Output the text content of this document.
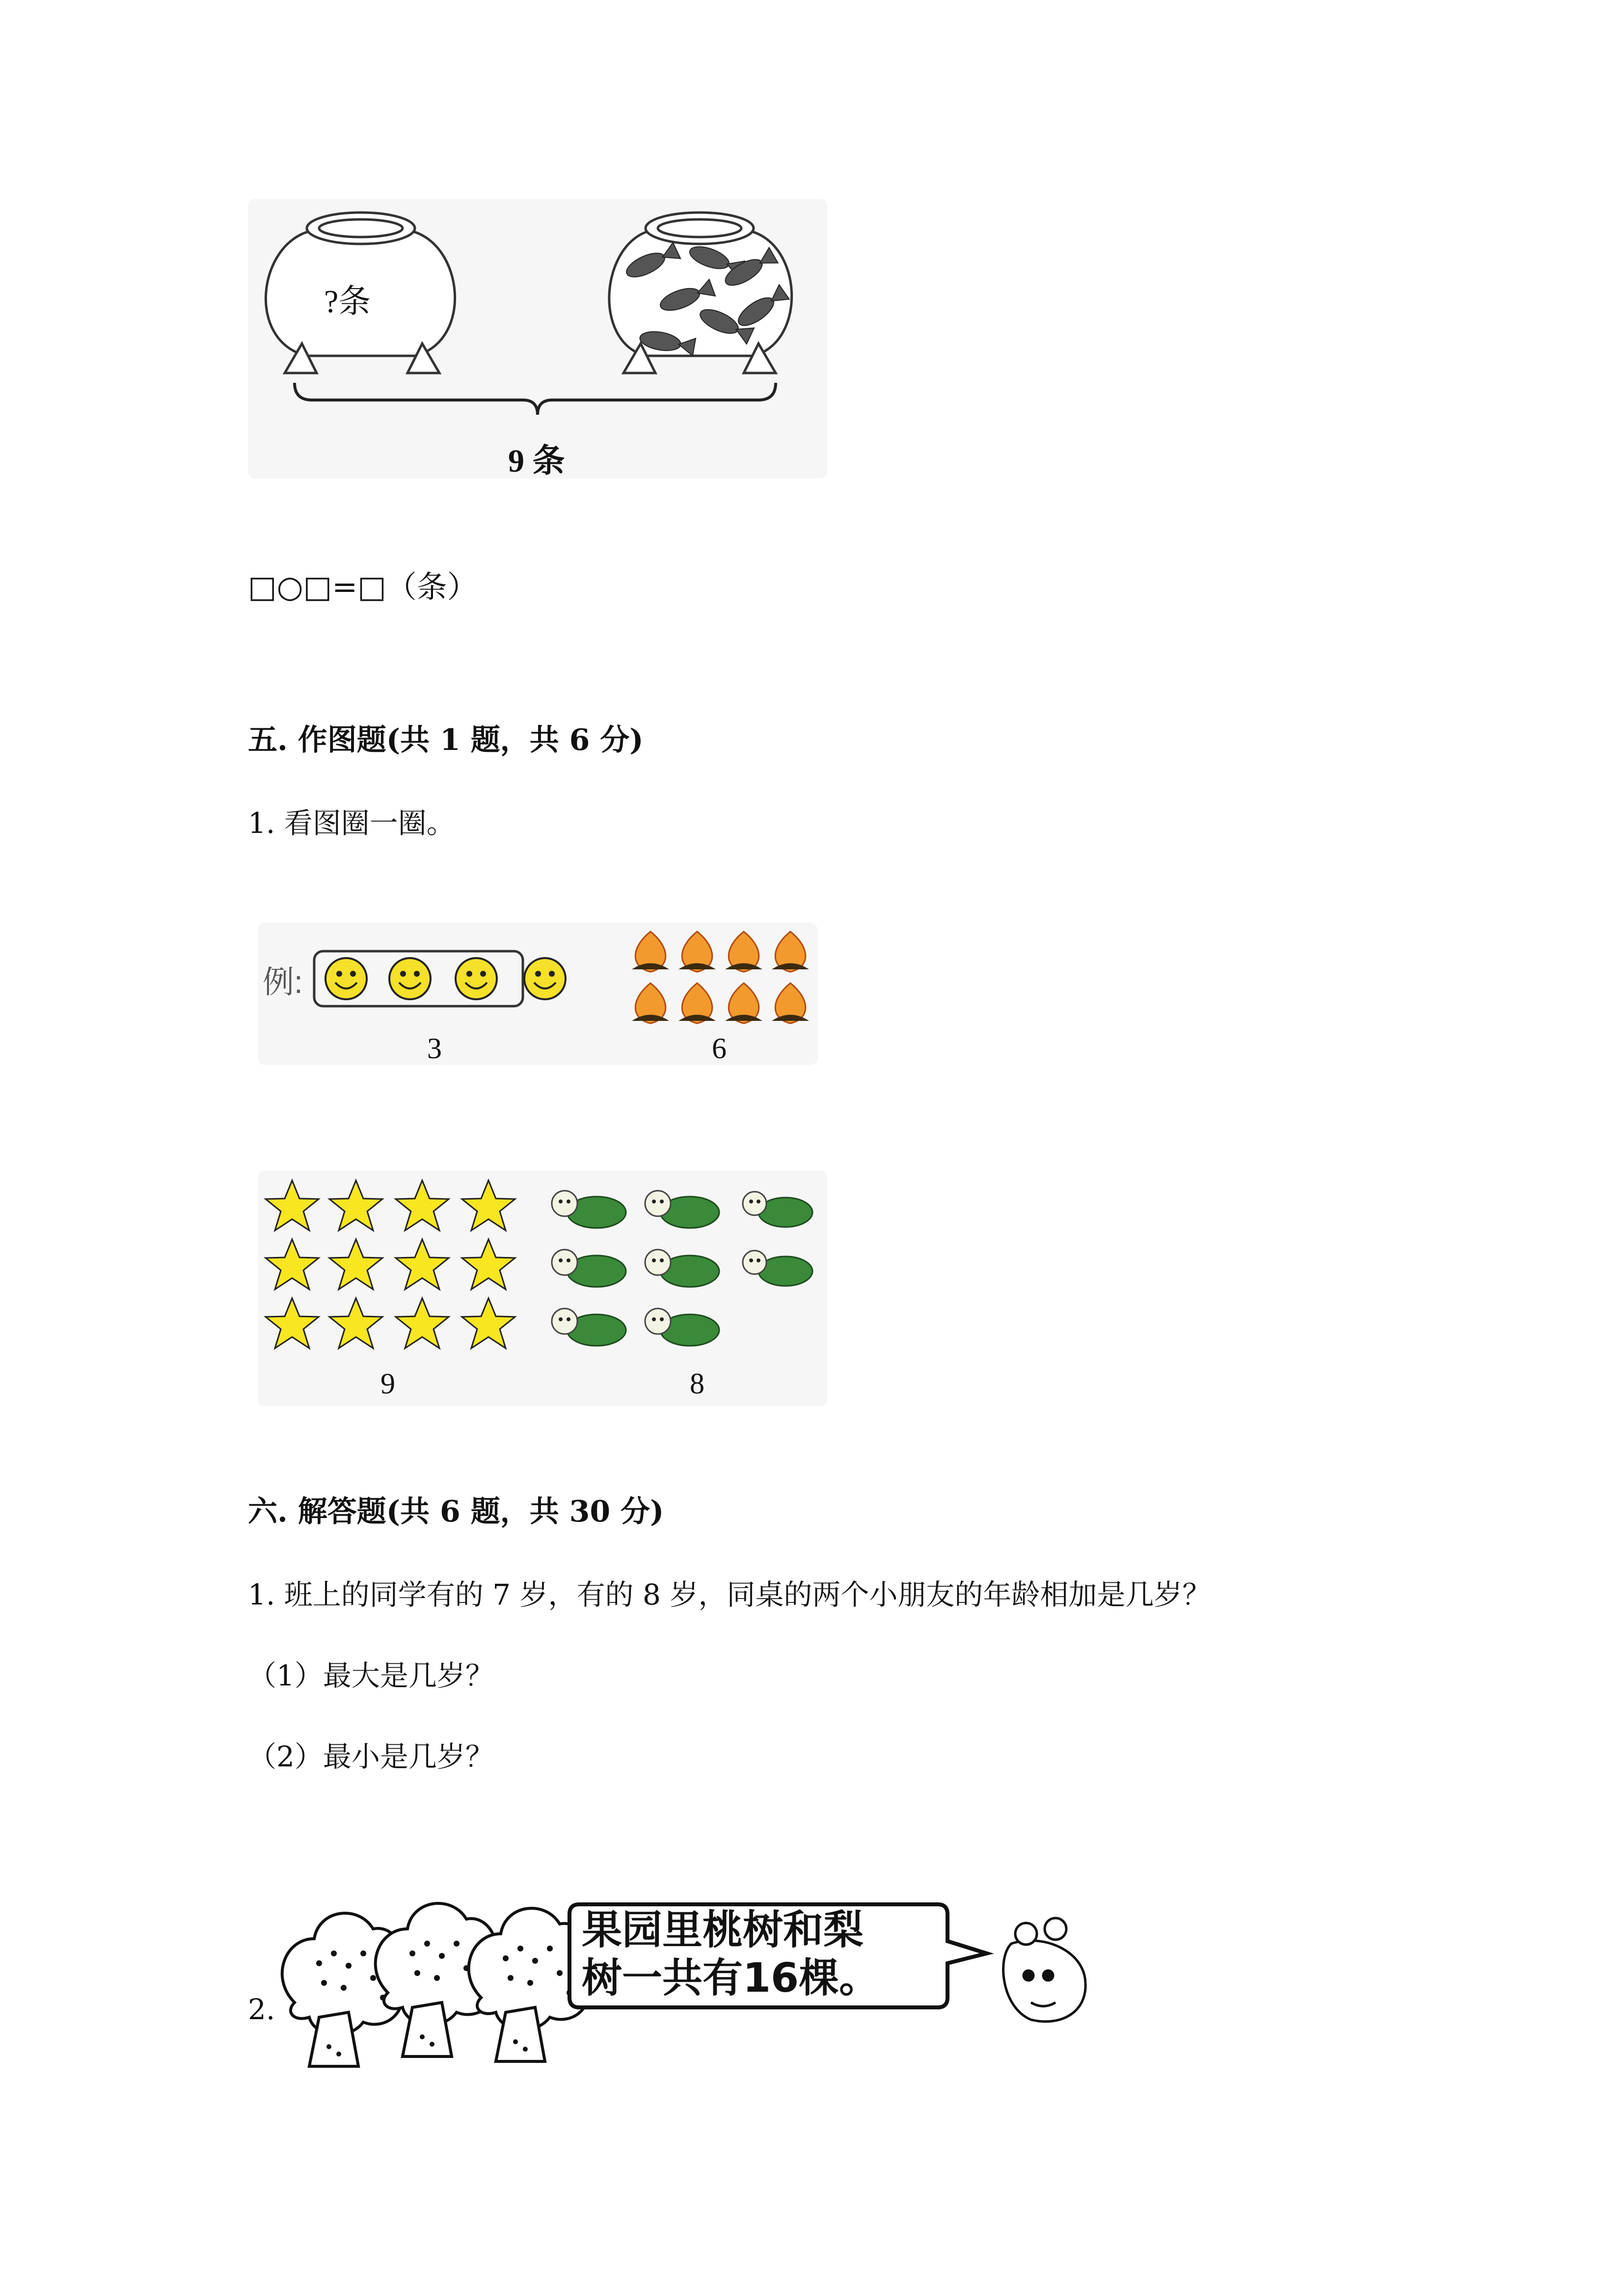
?条
9 条
□○□=□（条）
五. 作图题(共 1 题，共 6 分)
1. 看图圈一圈。
例:
3	6
9	8
六. 解答题(共 6 题，共 30 分)
1. 班上的同学有的 7 岁，有的 8 岁，同桌的两个小朋友的年龄相加是几岁？
（1）最大是几岁？
（2）最小是几岁？
2.
果园里桃树和梨
树一共有16棵。
